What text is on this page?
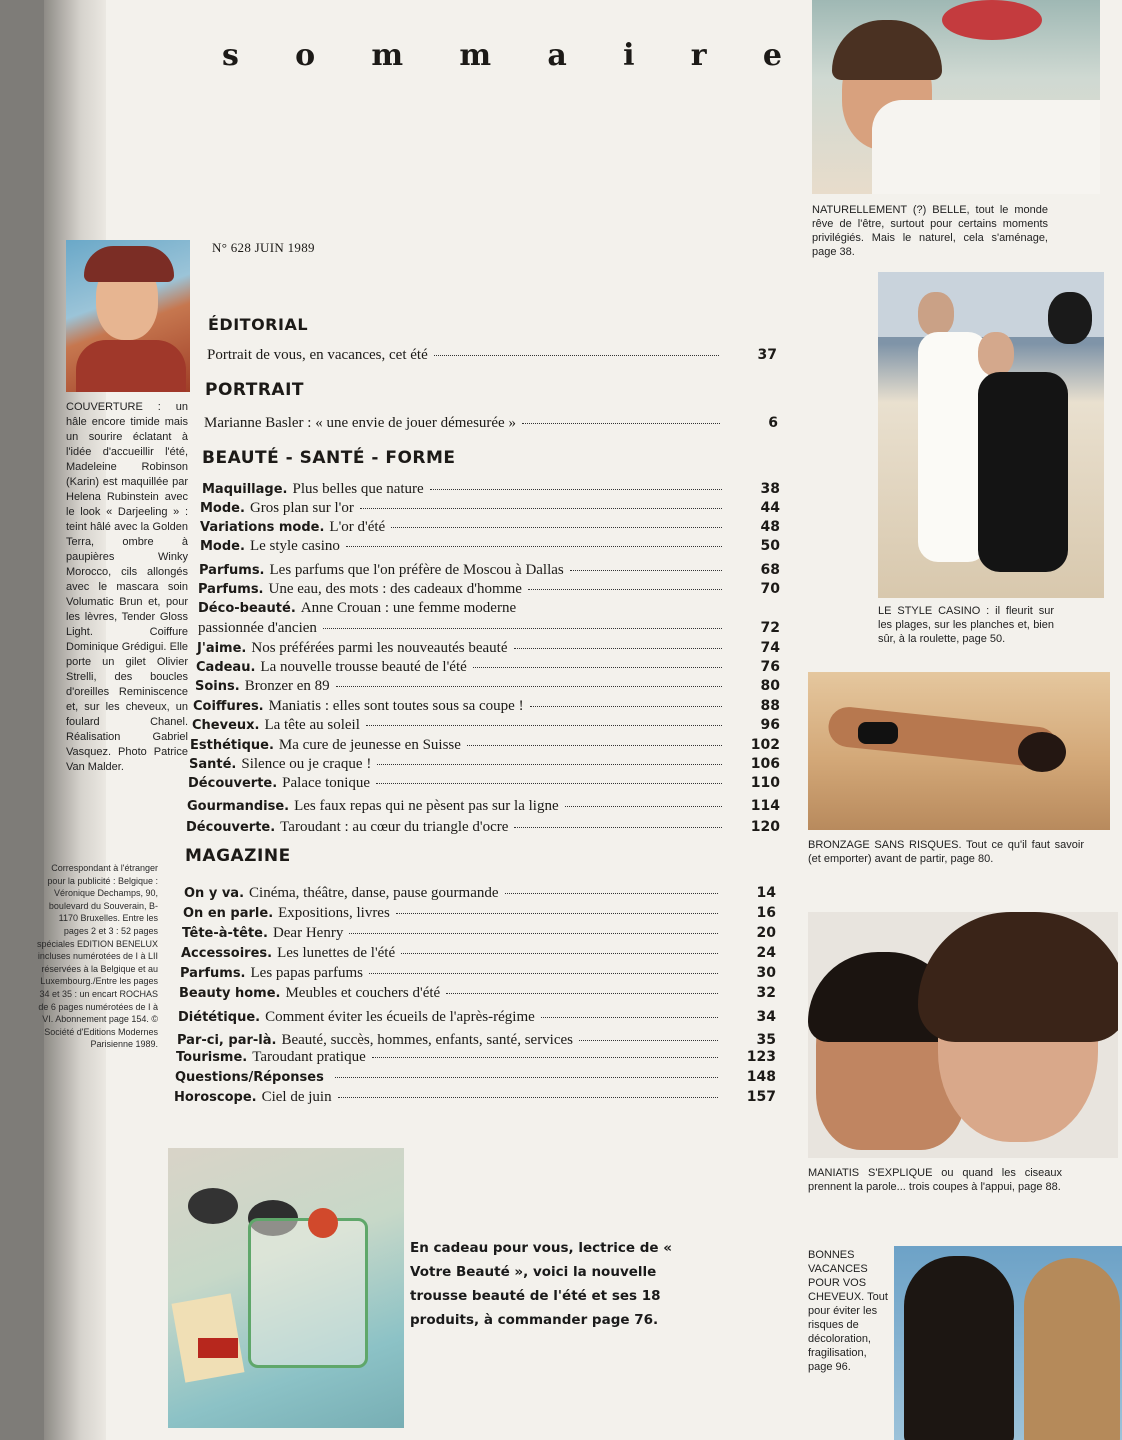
s o m m a i r e
N° 628 JUIN 1989
COUVERTURE : un hâle encore timide mais un sourire éclatant à l'idée d'accueillir l'été, Madeleine Robinson (Karin) est maquillée par Helena Rubinstein avec le look « Darjeeling » : teint hâlé avec la Golden Terra, ombre à paupières Winky Morocco, cils allongés avec le mascara soin Volumatic Brun et, pour les lèvres, Tender Gloss Light. Coiffure Dominique Grédigui. Elle porte un gilet Olivier Strelli, des boucles d'oreilles Reminiscence et, sur les cheveux, un foulard Chanel. Réalisation Gabriel Vasquez. Photo Patrice Van Malder.
Correspondant à l'étranger pour la publicité : Belgique : Véronique Dechamps, 90, boulevard du Souverain, B-1170 Bruxelles. Entre les pages 2 et 3 : 52 pages spéciales EDITION BENELUX incluses numérotées de I à LII réservées à la Belgique et au Luxembourg./Entre les pages 34 et 35 : un encart ROCHAS de 6 pages numérotées de I à VI. Abonnement page 154. © Société d'Editions Modernes Parisienne 1989.
ÉDITORIAL
PORTRAIT
BEAUTÉ - SANTÉ - FORME
MAGAZINE
Portrait de vous, en vacances, cet été	37
Marianne Basler : « une envie de jouer démesurée »	6
Maquillage. Plus belles que nature	38
Mode. Gros plan sur l'or	44
Variations mode. L'or d'été	48
Mode. Le style casino	50
Parfums. Les parfums que l'on préfère de Moscou à Dallas	68
Parfums. Une eau, des mots : des cadeaux d'homme	70
Déco-beauté. Anne Crouan : une femme moderne
passionnée d'ancien	72
J'aime. Nos préférées parmi les nouveautés beauté	74
Cadeau. La nouvelle trousse beauté de l'été	76
Soins. Bronzer en 89	80
Coiffures. Maniatis : elles sont toutes sous sa coupe !	88
Cheveux. La tête au soleil	96
Esthétique. Ma cure de jeunesse en Suisse	102
Santé. Silence ou je craque !	106
Découverte. Palace tonique	110
Gourmandise. Les faux repas qui ne pèsent pas sur la ligne	114
Découverte. Taroudant : au cœur du triangle d'ocre	120
On y va. Cinéma, théâtre, danse, pause gourmande	14
On en parle. Expositions, livres	16
Tête-à-tête. Dear Henry	20
Accessoires. Les lunettes de l'été	24
Parfums. Les papas parfums	30
Beauty home. Meubles et couchers d'été	32
Diététique. Comment éviter les écueils de l'après-régime	34
Par-ci, par-là. Beauté, succès, hommes, enfants, santé, services	35
Tourisme. Taroudant pratique	123
Questions/Réponses	148
Horoscope. Ciel de juin	157
NATURELLEMENT (?) BELLE, tout le monde rêve de l'être, surtout pour certains moments privilégiés. Mais le naturel, cela s'aménage, page 38.
LE STYLE CASINO : il fleurit sur les plages, sur les planches et, bien sûr, à la roulette, page 50.
BRONZAGE SANS RISQUES. Tout ce qu'il faut savoir (et emporter) avant de partir, page 80.
MANIATIS S'EXPLIQUE ou quand les ciseaux prennent la parole... trois coupes à l'appui, page 88.
BONNES VACANCES POUR VOS CHEVEUX. Tout pour éviter les risques de décoloration, fragilisation, page 96.
En cadeau pour vous, lectrice de « Votre Beauté », voici la nouvelle trousse beauté de l'été et ses 18 produits, à commander page 76.
